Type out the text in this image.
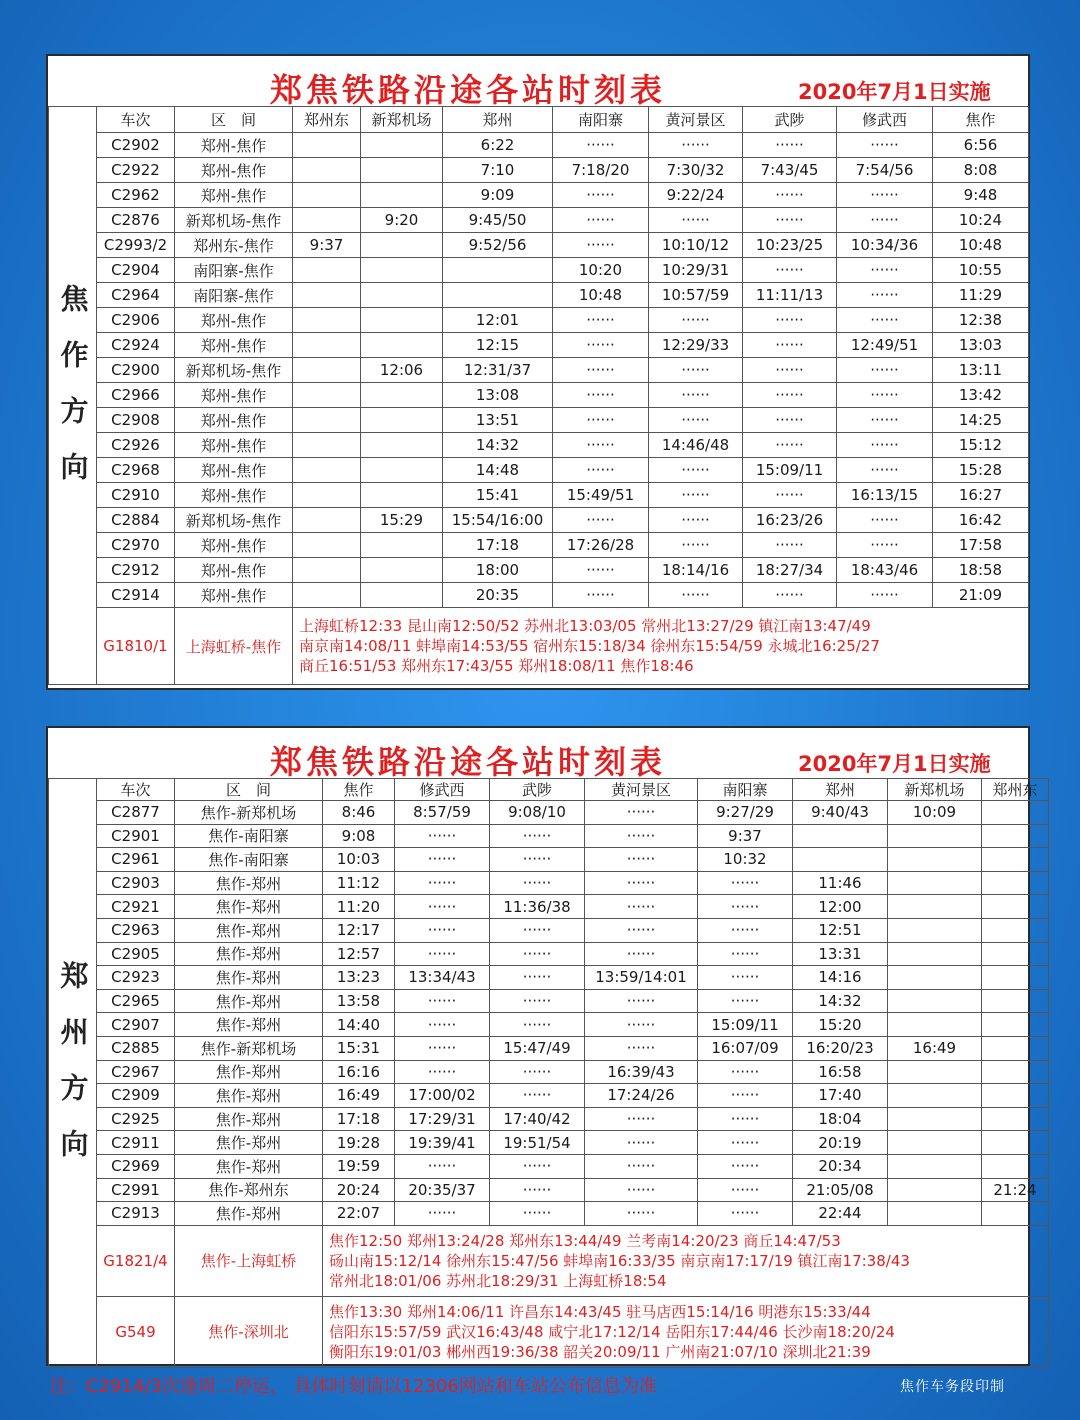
郑焦铁路沿途各站时刻表	2020年7月1日实施
焦作方向	车次	区　间	郑州东	新郑机场	郑州	南阳寨	黄河景区	武陟	修武西	焦作
	C2902	郑州-焦作			6:22	······	······	······	······	6:56
	C2922	郑州-焦作			7:10	7:18/20	7:30/32	7:43/45	7:54/56	8:08
	C2962	郑州-焦作			9:09	······	9:22/24	······	······	9:48
	C2876	新郑机场-焦作		9:20	9:45/50	······	······	······	······	10:24
	C2993/2	郑州东-焦作	9:37		9:52/56	······	10:10/12	10:23/25	10:34/36	10:48
	C2904	南阳寨-焦作				10:20	10:29/31	······	······	10:55
	C2964	南阳寨-焦作				10:48	10:57/59	11:11/13	······	11:29
	C2906	郑州-焦作			12:01	······	······	······	······	12:38
	C2924	郑州-焦作			12:15	······	12:29/33	······	12:49/51	13:03
	C2900	新郑机场-焦作		12:06	12:31/37	······	······	······	······	13:11
	C2966	郑州-焦作			13:08	······	······	······	······	13:42
	C2908	郑州-焦作			13:51	······	······	······	······	14:25
	C2926	郑州-焦作			14:32	······	14:46/48	······	······	15:12
	C2968	郑州-焦作			14:48	······	······	15:09/11	······	15:28
	C2910	郑州-焦作			15:41	15:49/51	······	······	16:13/15	16:27
	C2884	新郑机场-焦作		15:29	15:54/16:00	······	······	16:23/26	······	16:42
	C2970	郑州-焦作			17:18	17:26/28	······	······	······	17:58
	C2912	郑州-焦作			18:00	······	18:14/16	18:27/34	18:43/46	18:58
	C2914	郑州-焦作			20:35	······	······	······	······	21:09
	G1810/1	上海虹桥-焦作	上海虹桥12:33 昆山南12:50/52 苏州北13:03/05 常州北13:27/29 镇江南13:47/49
南京南14:08/11 蚌埠南14:53/55 宿州东15:18/34 徐州东15:54/59 永城北16:25/27
商丘16:51/53 郑州东17:43/55 郑州18:08/11 焦作18:46							
郑焦铁路沿途各站时刻表	2020年7月1日实施
郑州方向	车次	区　间	焦作	修武西	武陟	黄河景区	南阳寨	郑州	新郑机场	郑州东
	C2877	焦作-新郑机场	8:46	8:57/59	9:08/10	······	9:27/29	9:40/43	10:09	
	C2901	焦作-南阳寨	9:08	······	······	······	9:37			
	C2961	焦作-南阳寨	10:03	······	······	······	10:32			
	C2903	焦作-郑州	11:12	······	······	······	······	11:46		
	C2921	焦作-郑州	11:20	······	11:36/38	······	······	12:00		
	C2963	焦作-郑州	12:17	······	······	······	······	12:51		
	C2905	焦作-郑州	12:57	······	······	······	······	13:31		
	C2923	焦作-郑州	13:23	13:34/43	······	13:59/14:01	······	14:16		
	C2965	焦作-郑州	13:58	······	······	······	······	14:32		
	C2907	焦作-郑州	14:40	······	······	······	15:09/11	15:20		
	C2885	焦作-新郑机场	15:31	······	15:47/49	······	16:07/09	16:20/23	16:49	
	C2967	焦作-郑州	16:16	······	······	16:39/43	······	16:58		
	C2909	焦作-郑州	16:49	17:00/02	······	17:24/26	······	17:40		
	C2925	焦作-郑州	17:18	17:29/31	17:40/42	······	······	18:04		
	C2911	焦作-郑州	19:28	19:39/41	19:51/54	······	······	20:19		
	C2969	焦作-郑州	19:59	······	······	······	······	20:34		
	C2991	焦作-郑州东	20:24	20:35/37	······	······	······	21:05/08		21:24
	C2913	焦作-郑州	22:07	······	······	······	······	22:44		
	G1821/4	焦作-上海虹桥	焦作12:50 郑州13:24/28 郑州东13:44/49 兰考南14:20/23 商丘14:47/53
砀山南15:12/14 徐州东15:47/56 蚌埠南16:33/35 南京南17:17/19 镇江南17:38/43
常州北18:01/06 苏州北18:29/31 上海虹桥18:54							

	G549	焦作-深圳北	焦作13:30 郑州14:06/11 许昌东14:43/45 驻马店西15:14/16 明港东15:33/44
信阳东15:57/59 武汉16:43/48 咸宁北17:12/14 岳阳东17:44/46 长沙南18:20/24
衡阳东19:01/03 郴州西19:36/38 韶关20:09/11 广州南21:07/10 深圳北21:39							
注：C2914/3次逢周二停运， 具体时刻请以12306网站和车站公布信息为准	焦作车务段印制
